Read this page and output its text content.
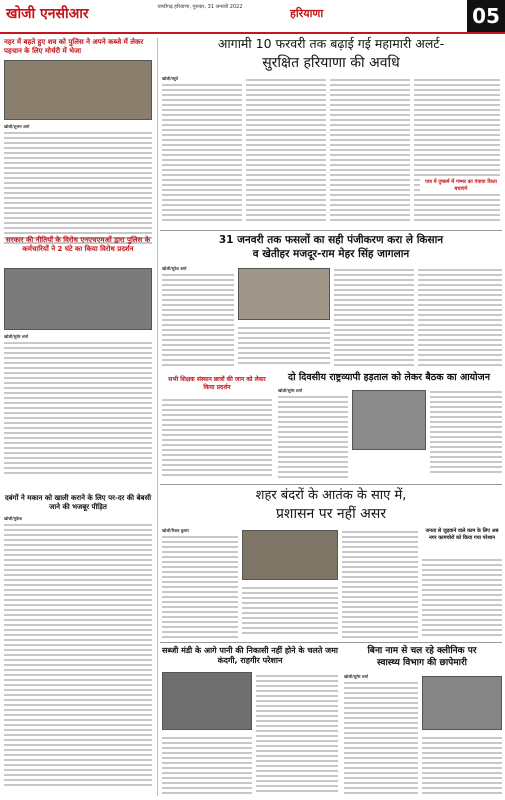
खोजी एनसीआर	चण्डीगढ़ हरियाणा, गुरुवार, 31 जनवरी 2022	हरियाणा	05
नहर में बहते हुए शव को पुलिस ने अपने कब्जे में लेकर पहचान के लिए मोर्चरी में भेजा
खोजी/शुभम शर्मा
सरकार की नीतियों के विरोध एनएचएमओं द्वारा पुलिस के कर्मचारियों ने 2 घंटे का किया विरोध प्रदर्शन
खोजी/सुमेर शर्मा
दबंगों ने मकान को खाली कराने के लिए पर-दर की बेबसी जाने की भजबूर पीड़ित
खोजी/मुकेश
आगामी 10 फरवरी तक बढ़ाई गई महामारी अलर्ट-
सुरक्षित हरियाणा की अवधि
खोजी/ब्यूरो
31 जनवरी तक फसलों का सही पंजीकरण करा ले किसान
व खेतीहर मजदूर-राम मेहर सिंह जागलान
खोजी/सुरेश शर्मा
पात्र में दुष्कर्म में गम्भर का गंवाया रिश्ता बचाएंगे
सभी शिक्षक संस्थान छात्रों की जान को लेकर किया प्रदर्शन
दो दिवसीय राष्ट्रव्यापी हड़ताल को लेकर बैठक का आयोजन
खोजी/सुमेर शर्मा
शहर बंदरों के आतंक के साए में,
प्रशासन पर नहीं असर
खोजी/रिशव कुमार	जनता से जुड़वाने वाले काम के लिए अब नगर कामचोरों को किया गया परेशान
सब्जी मंडी के आगे पानी की निकासी नहीं होने के चलते जमा कंदगी, राहगीर परेशान
बिना नाम से चल रहे क्लीनिक पर
स्वास्थ्य विभाग की छापेमारी
खोजी/सुमेर शर्मा
